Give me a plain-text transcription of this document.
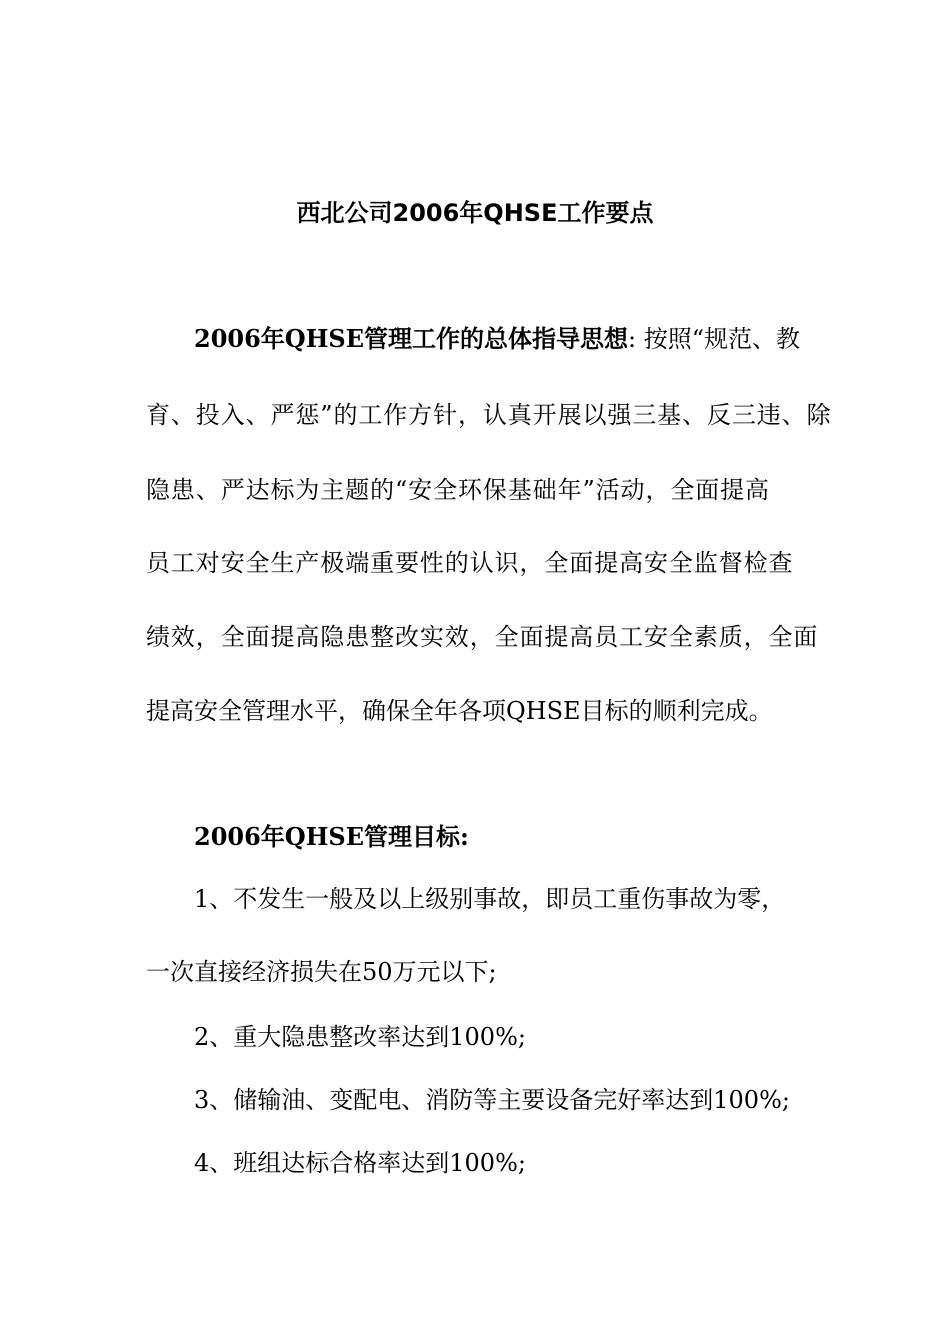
西北公司2006年QHSE工作要点
2006年QHSE管理工作的总体指导思想: 按照“规范、教
育、投入、严惩”的工作方针，认真开展以强三基、反三违、除
隐患、严达标为主题的“安全环保基础年”活动，全面提高
员工对安全生产极端重要性的认识，全面提高安全监督检查
绩效，全面提高隐患整改实效，全面提高员工安全素质，全面
提高安全管理水平，确保全年各项QHSE目标的顺利完成。
2006年QHSE管理目标:
1、不发生一般及以上级别事故，即员工重伤事故为零，
一次直接经济损失在50万元以下;
2、重大隐患整改率达到100%;
3、储输油、变配电、消防等主要设备完好率达到100%;
4、班组达标合格率达到100%;
